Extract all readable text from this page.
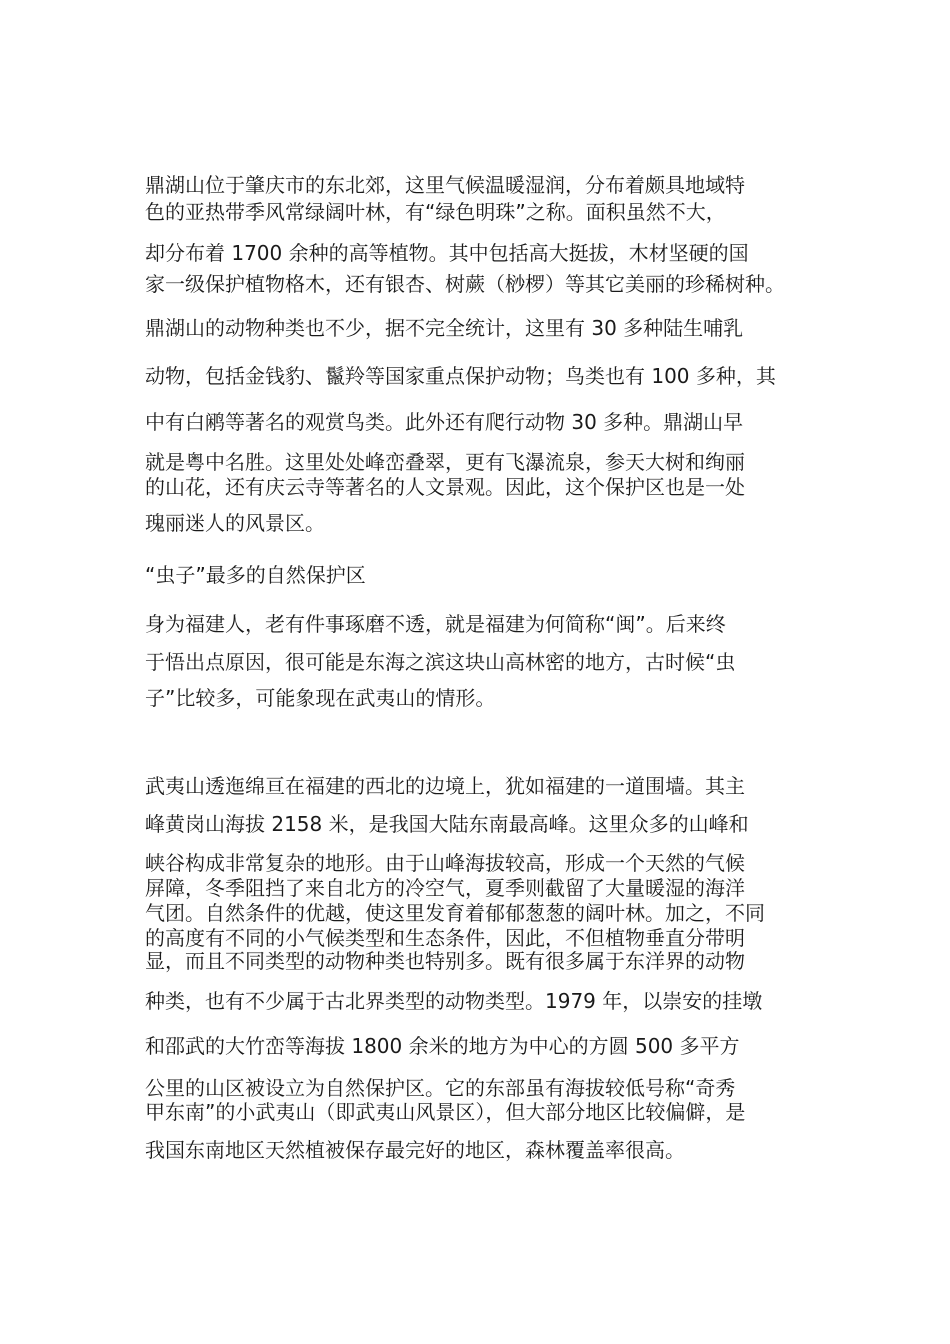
鼎湖山位于肇庆市的东北郊，这里气候温暖湿润，分布着颇具地域特
色的亚热带季风常绿阔叶林，有“绿色明珠”之称。面积虽然不大，
却分布着 1700 余种的高等植物。其中包括高大挺拔，木材坚硬的国
家一级保护植物格木，还有银杏、树蕨（桫椤）等其它美丽的珍稀树种。
鼎湖山的动物种类也不少，据不完全统计，这里有 30 多种陆生哺乳
动物，包括金钱豹、鬣羚等国家重点保护动物；鸟类也有 100 多种，其
中有白鹇等著名的观赏鸟类。此外还有爬行动物 30 多种。鼎湖山早
就是粤中名胜。这里处处峰峦叠翠，更有飞瀑流泉，参天大树和绚丽
的山花，还有庆云寺等著名的人文景观。因此，这个保护区也是一处
瑰丽迷人的风景区。
“虫子”最多的自然保护区
身为福建人，老有件事琢磨不透，就是福建为何简称“闽”。后来终
于悟出点原因，很可能是东海之滨这块山高林密的地方，古时候“虫
子”比较多，可能象现在武夷山的情形。
武夷山透迤绵亘在福建的西北的边境上，犹如福建的一道围墙。其主
峰黄岗山海拔 2158 米，是我国大陆东南最高峰。这里众多的山峰和
峡谷构成非常复杂的地形。由于山峰海拔较高，形成一个天然的气候
屏障，冬季阻挡了来自北方的冷空气，夏季则截留了大量暖湿的海洋
气团。自然条件的优越，使这里发育着郁郁葱葱的阔叶林。加之，不同
的高度有不同的小气候类型和生态条件，因此，不但植物垂直分带明
显，而且不同类型的动物种类也特别多。既有很多属于东洋界的动物
种类，也有不少属于古北界类型的动物类型。1979 年，以崇安的挂墩
和邵武的大竹峦等海拔 1800 余米的地方为中心的方圆 500 多平方
公里的山区被设立为自然保护区。它的东部虽有海拔较低号称“奇秀
甲东南”的小武夷山（即武夷山风景区），但大部分地区比较偏僻，是
我国东南地区天然植被保存最完好的地区，森林覆盖率很高。
